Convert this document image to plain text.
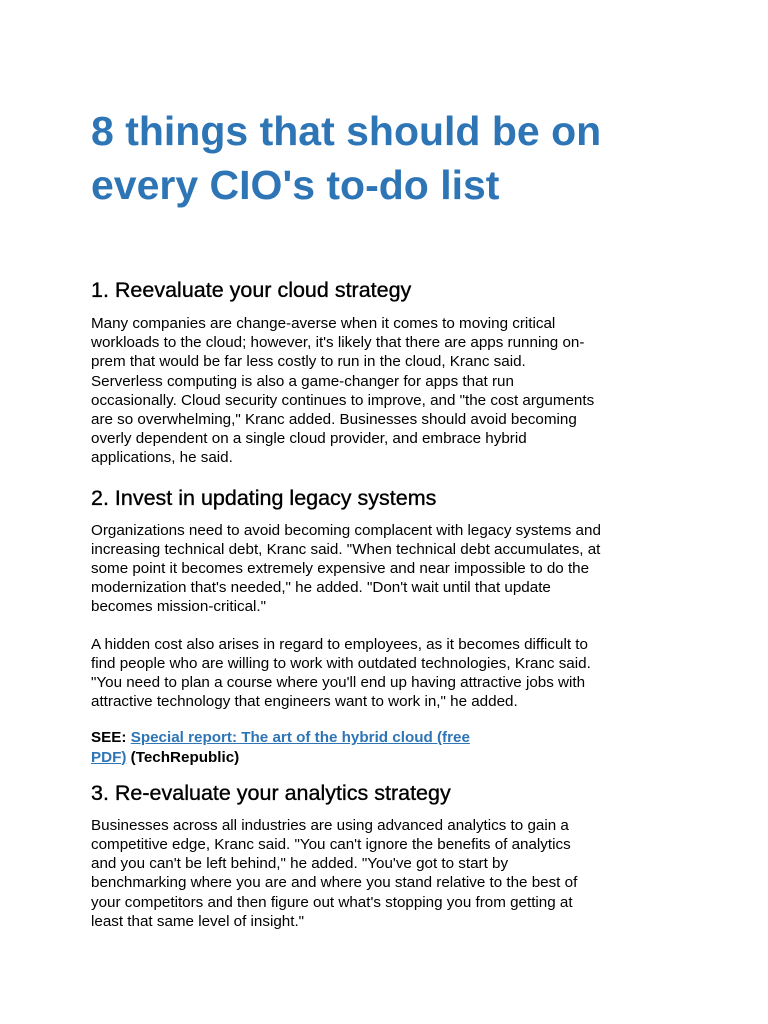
8 things that should be on
every CIO's to-do list
1. Reevaluate your cloud strategy

Many companies are change-averse when it comes to moving critical
workloads to the cloud; however, it's likely that there are apps running on-
prem that would be far less costly to run in the cloud, Kranc said.
Serverless computing is also a game-changer for apps that run
occasionally. Cloud security continues to improve, and "the cost arguments
are so overwhelming," Kranc added. Businesses should avoid becoming
overly dependent on a single cloud provider, and embrace hybrid
applications, he said.

2. Invest in updating legacy systems

Organizations need to avoid becoming complacent with legacy systems and
increasing technical debt, Kranc said. "When technical debt accumulates, at
some point it becomes extremely expensive and near impossible to do the
modernization that's needed," he added. "Don't wait until that update
becomes mission-critical."

A hidden cost also arises in regard to employees, as it becomes difficult to
find people who are willing to work with outdated technologies, Kranc said.
"You need to plan a course where you'll end up having attractive jobs with
attractive technology that engineers want to work in," he added.

SEE: Special report: The art of the hybrid cloud (free
PDF) (TechRepublic)

3. Re-evaluate your analytics strategy

Businesses across all industries are using advanced analytics to gain a
competitive edge, Kranc said. "You can't ignore the benefits of analytics
and you can't be left behind," he added. "You've got to start by
benchmarking where you are and where you stand relative to the best of
your competitors and then figure out what's stopping you from getting at
least that same level of insight."
